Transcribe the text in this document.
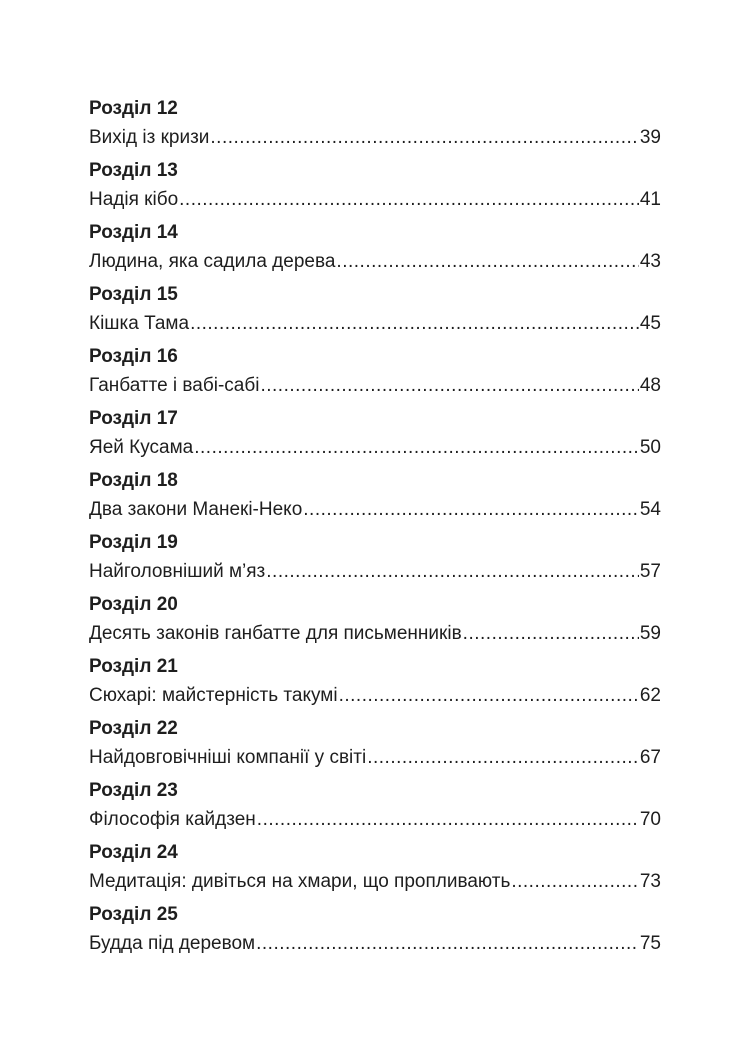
Розділ 12
Вихід із кризи .....	39
Розділ 13
Надія кібо .....	41
Розділ 14
Людина, яка садила дерева .....	43
Розділ 15
Кішка Тама .....	45
Розділ 16
Ганбатте і вабі-сабі .....	48
Розділ 17
Яей Кусама .....	50
Розділ 18
Два закони Манекі-Неко .....	54
Розділ 19
Найголовніший м’яз .....	57
Розділ 20
Десять законів ганбатте для письменників .....	59
Розділ 21
Сюхарі: майстерність такумі .....	62
Розділ 22
Найдовговічніші компанії у світі .....	67
Розділ 23
Філософія кайдзен .....	70
Розділ 24
Медитація: дивіться на хмари, що пропливають .....	73
Розділ 25
Будда під деревом .....	75
